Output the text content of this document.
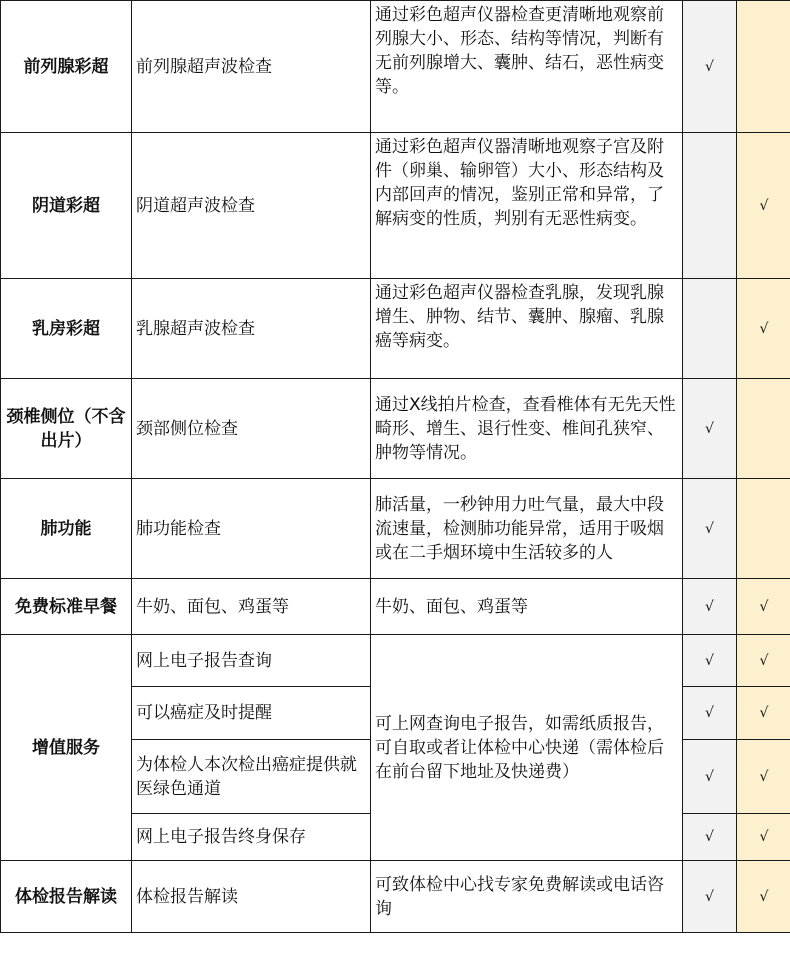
前列腺彩超	前列腺超声波检查	通过彩色超声仪器检查更清晰地观察前列腺大小、形态、结构等情况，判断有无前列腺增大、囊肿、结石，恶性病变等。	√	
阴道彩超	阴道超声波检查	通过彩色超声仪器清晰地观察子宫及附件（卵巢、输卵管）大小、形态结构及内部回声的情况，鉴别正常和异常，了解病变的性质，判别有无恶性病变。		√
乳房彩超	乳腺超声波检查	通过彩色超声仪器检查乳腺，发现乳腺增生、肿物、结节、囊肿、腺瘤、乳腺癌等病变。		√
颈椎侧位（不含出片）	颈部侧位检查	通过X线拍片检查，查看椎体有无先天性畸形、增生、退行性变、椎间孔狭窄、肿物等情况。	√	
肺功能	肺功能检查	肺活量，一秒钟用力吐气量，最大中段流速量，检测肺功能异常，适用于吸烟或在二手烟环境中生活较多的人	√	
免费标准早餐	牛奶、面包、鸡蛋等	牛奶、面包、鸡蛋等	√	√
增值服务	网上电子报告查询	可上网查询电子报告，如需纸质报告，可自取或者让体检中心快递（需体检后在前台留下地址及快递费）	√	√
	可以癌症及时提醒		√	√
	为体检人本次检出癌症提供就医绿色通道		√	√
	网上电子报告终身保存		√	√
体检报告解读	体检报告解读	可致体检中心找专家免费解读或电话咨询	√	√
